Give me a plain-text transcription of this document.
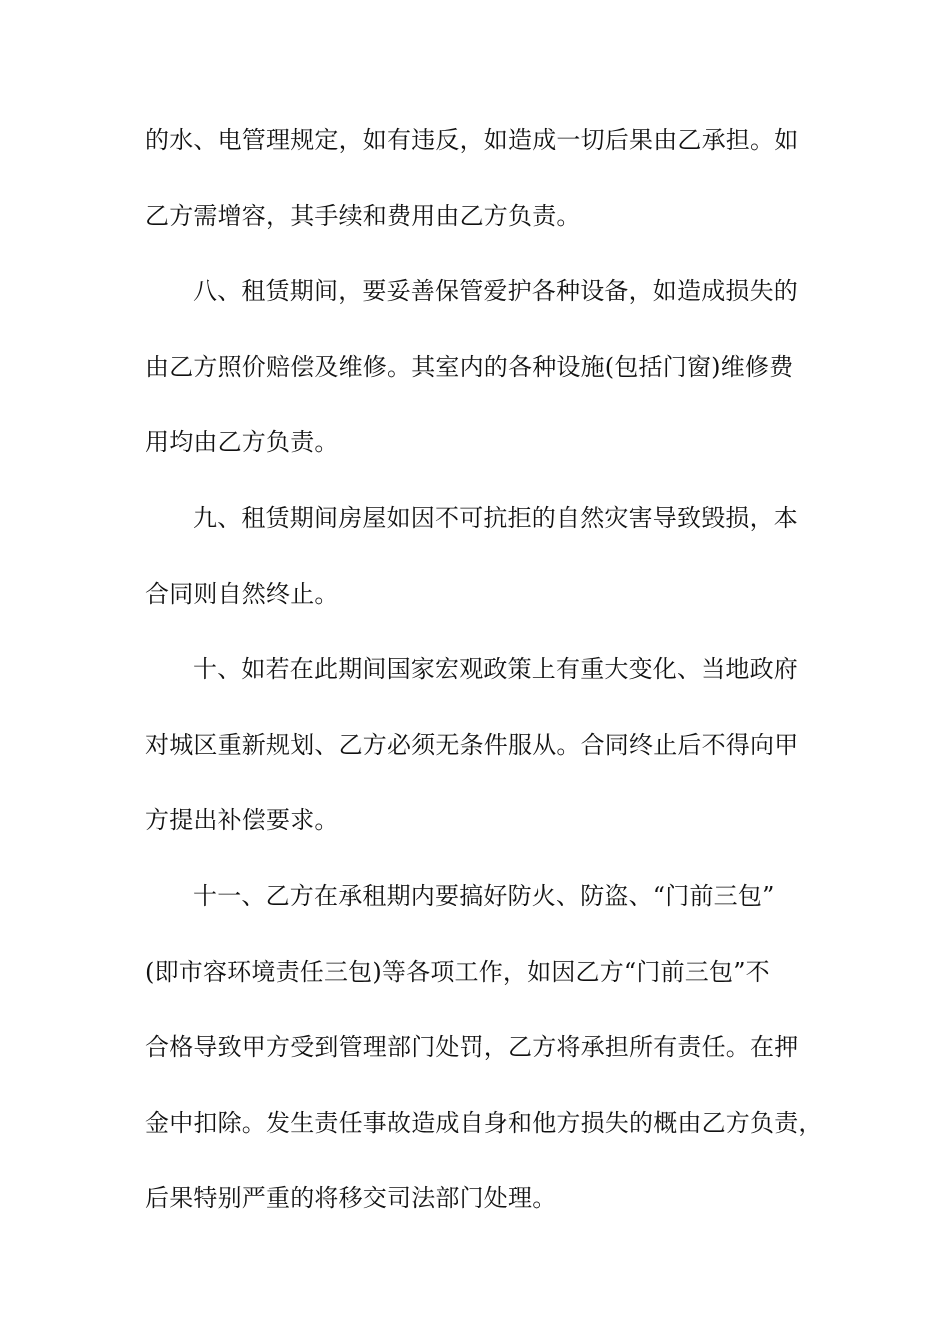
的水、电管理规定，如有违反，如造成一切后果由乙承担。如
乙方需增容，其手续和费用由乙方负责。
八、租赁期间，要妥善保管爱护各种设备，如造成损失的
由乙方照价赔偿及维修。其室内的各种设施(包括门窗)维修费
用均由乙方负责。
九、租赁期间房屋如因不可抗拒的自然灾害导致毁损，本
合同则自然终止。
十、如若在此期间国家宏观政策上有重大变化、当地政府
对城区重新规划、乙方必须无条件服从。合同终止后不得向甲
方提出补偿要求。
十一、乙方在承租期内要搞好防火、防盗、“门前三包”
(即市容环境责任三包)等各项工作，如因乙方“门前三包”不
合格导致甲方受到管理部门处罚，乙方将承担所有责任。在押
金中扣除。发生责任事故造成自身和他方损失的概由乙方负责，
后果特别严重的将移交司法部门处理。
